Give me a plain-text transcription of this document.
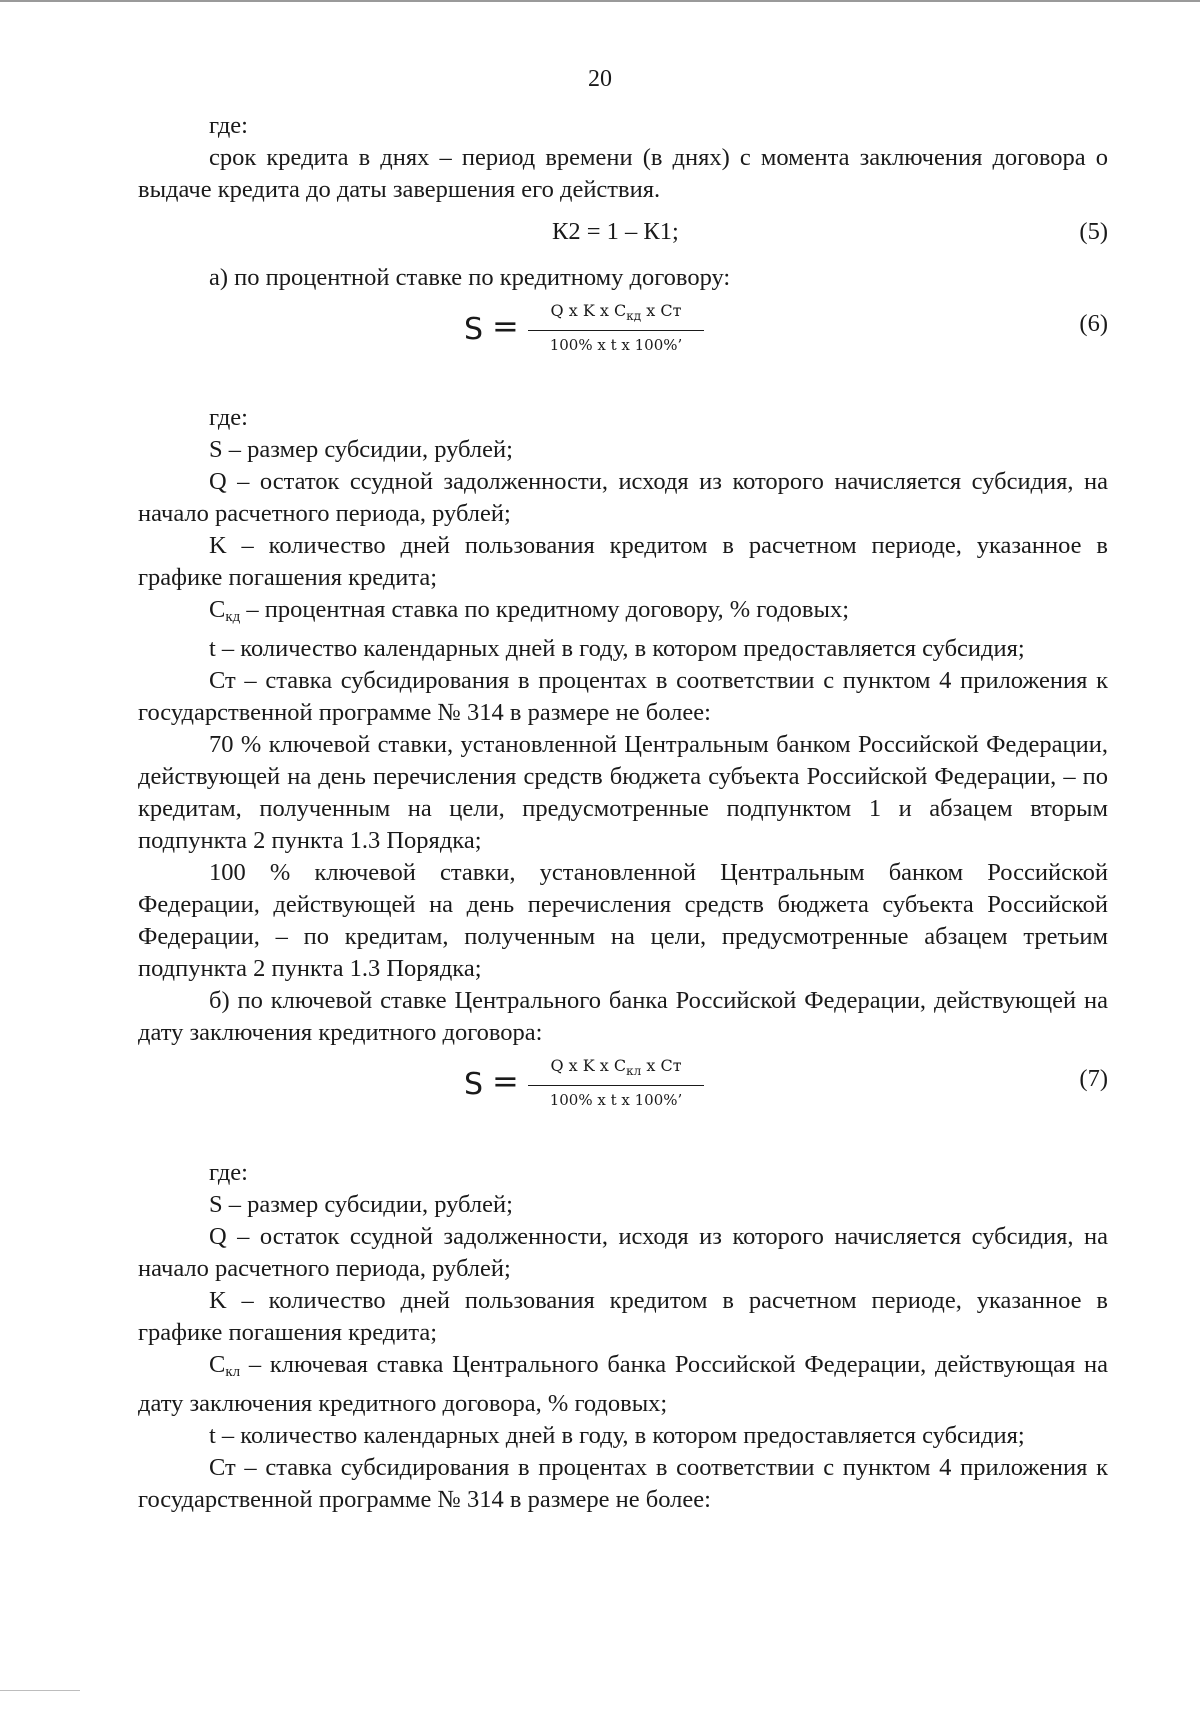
20

где:

срок кредита в днях – период времени (в днях) с момента заключения договора о выдаче кредита до даты завершения его действия.

К2 = 1 – К1;	(5)

а) по процентной ставке по кредитному договору:

S =	Q x K x $C_{кд}$ x Ст
100% x t x 100%’
(6)

где:

S – размер субсидии, рублей;

Q – остаток ссудной задолженности, исходя из которого начисляется субсидия, на начало расчетного периода, рублей;

K – количество дней пользования кредитом в расчетном периоде, указанное в графике погашения кредита;

$С_{кд}$ – процентная ставка по кредитному договору, % годовых;

t – количество календарных дней в году, в котором предоставляется субсидия;

Ст – ставка субсидирования в процентах в соответствии с пунктом 4 приложения к государственной программе № 314 в размере не более:

70 % ключевой ставки, установленной Центральным банком Российской Федерации, действующей на день перечисления средств бюджета субъекта Российской Федерации, – по кредитам, полученным на цели, предусмотренные подпунктом 1 и абзацем вторым подпункта 2 пункта 1.3 Порядка;

100 % ключевой ставки, установленной Центральным банком Российской Федерации, действующей на день перечисления средств бюджета субъекта Российской Федерации, – по кредитам, полученным на цели, предусмотренные абзацем третьим подпункта 2 пункта 1.3 Порядка;

б) по ключевой ставке Центрального банка Российской Федерации, действующей на дату заключения кредитного договора:

S =	Q x K x $C_{кл}$ x Ст
100% x t x 100%’
(7)

где:

S – размер субсидии, рублей;

Q – остаток ссудной задолженности, исходя из которого начисляется субсидия, на начало расчетного периода, рублей;

K – количество дней пользования кредитом в расчетном периоде, указанное в графике погашения кредита;

$С_{кл}$ – ключевая ставка Центрального банка Российской Федерации, действующая на дату заключения кредитного договора, % годовых;

t – количество календарных дней в году, в котором предоставляется субсидия;

Ст – ставка субсидирования в процентах в соответствии с пунктом 4 приложения к государственной программе № 314 в размере не более:
